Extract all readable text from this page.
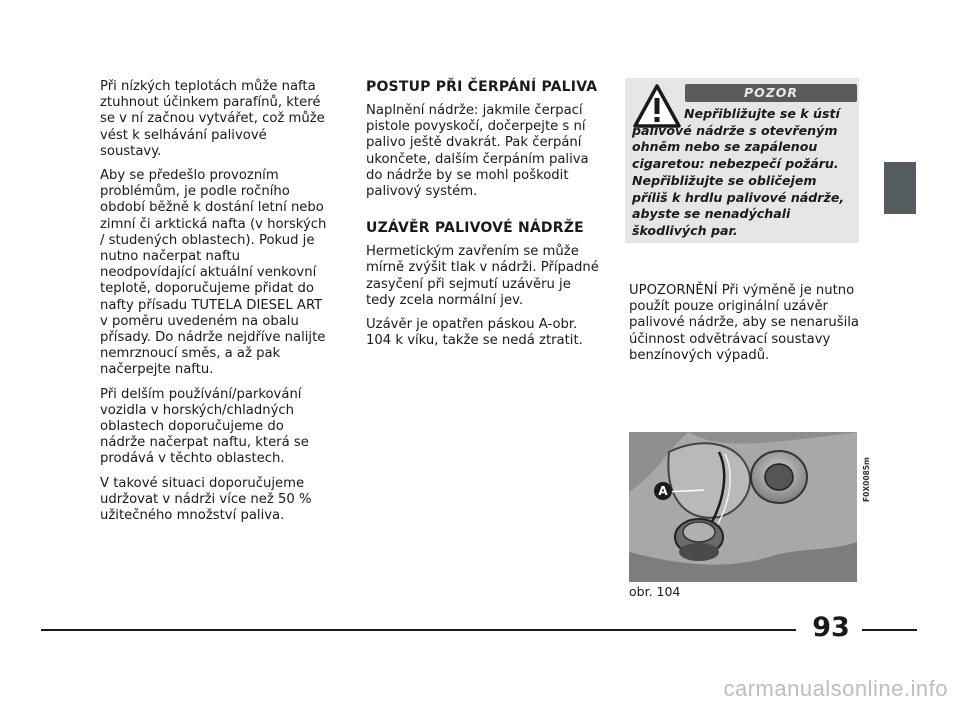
Při nízkých teplotách může nafta ztuhnout účinkem parafínů, které se v ní začnou vytvářet, což může vést k selhávání palivové soustavy.

Aby se předešlo provozním problémům, je podle ročního období běžně k dostání letní nebo zimní či arktická nafta (v horských / studených oblastech). Pokud je nutno načerpat naftu neodpovídající aktuální venkovní teplotě, doporučujeme přidat do nafty přísadu TUTELA DIESEL ART v poměru uvedeném na obalu přísady. Do nádrže nejdříve nalijte nemrznoucí směs, a až pak načerpejte naftu.

Při delším používání/parkování vozidla v horských/chladných oblastech doporučujeme do nádrže načerpat naftu, která se prodává v těchto oblastech.

V takové situaci doporučujeme udržovat v nádrži více než 50 % užitečného množství paliva.

POSTUP PŘI ČERPÁNÍ PALIVA

Naplnění nádrže: jakmile čerpací pistole povyskočí, dočerpejte s ní palivo ještě dvakrát. Pak čerpání ukončete, dalším čerpáním paliva do nádrže by se mohl poškodit palivový systém.

UZÁVĚR PALIVOVÉ NÁDRŽE

Hermetickým zavřením se může mírně zvýšit tlak v nádrži. Případné zasyčení při sejmutí uzávěru je tedy zcela normální jev.

Uzávěr je opatřen páskou A-obr. 104 k víku, takže se nedá ztratit.

POZOR
Nepřibližujte se k ústí palivové nádrže s otevřeným ohněm nebo se zapálenou cigaretou: nebezpečí požáru. Nepřibližujte se obličejem příliš k hrdlu palivové nádrže, abyste se nenadýchali škodlivých par.
UPOZORNĚNÍ Při výměně je nutno použít pouze originální uzávěr palivové nádrže, aby se nenarušila účinnost odvětrávací soustavy benzínových výpadů.
A	F0X0085m
obr. 104
93
carmanualsonline.info
